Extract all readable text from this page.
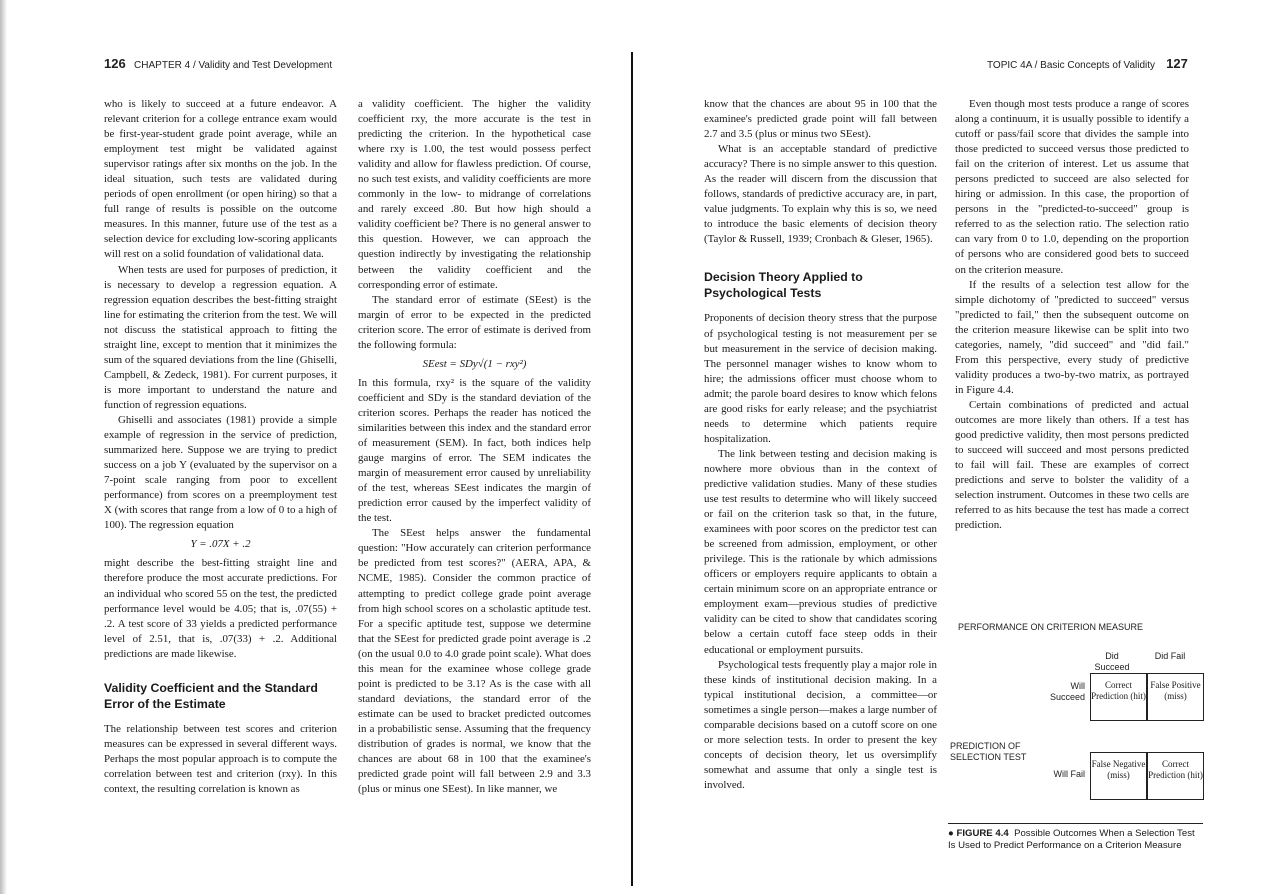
126 CHAPTER 4 / Validity and Test Development	TOPIC 4A / Basic Concepts of Validity 127

who is likely to succeed at a future endeavor. A relevant criterion for a college entrance exam would be first-year-student grade point average, while an employment test might be validated against supervisor ratings after six months on the job. In the ideal situation, such tests are validated during periods of open enrollment (or open hiring) so that a full range of results is possible on the outcome measures. In this manner, future use of the test as a selection device for excluding low-scoring applicants will rest on a solid foundation of validational data.

When tests are used for purposes of prediction, it is necessary to develop a regression equation. A regression equation describes the best-fitting straight line for estimating the criterion from the test. We will not discuss the statistical approach to fitting the straight line, except to mention that it minimizes the sum of the squared deviations from the line (Ghiselli, Campbell, & Zedeck, 1981). For current purposes, it is more important to understand the nature and function of regression equations.

Ghiselli and associates (1981) provide a simple example of regression in the service of prediction, summarized here. Suppose we are trying to predict success on a job Y (evaluated by the supervisor on a 7-point scale ranging from poor to excellent performance) from scores on a preemployment test X (with scores that range from a low of 0 to a high of 100). The regression equation

Y = .07X + .2

might describe the best-fitting straight line and therefore produce the most accurate predictions. For an individual who scored 55 on the test, the predicted performance level would be 4.05; that is, .07(55) + .2. A test score of 33 yields a predicted performance level of 2.51, that is, .07(33) + .2. Additional predictions are made likewise.

Validity Coefficient and the Standard Error of the Estimate

The relationship between test scores and criterion measures can be expressed in several different ways. Perhaps the most popular approach is to compute the correlation between test and criterion (rxy). In this context, the resulting correlation is known as

a validity coefficient. The higher the validity coefficient rxy, the more accurate is the test in predicting the criterion. In the hypothetical case where rxy is 1.00, the test would possess perfect validity and allow for flawless prediction. Of course, no such test exists, and validity coefficients are more commonly in the low- to midrange of correlations and rarely exceed .80. But how high should a validity coefficient be? There is no general answer to this question. However, we can approach the question indirectly by investigating the relationship between the validity coefficient and the corresponding error of estimate.

The standard error of estimate (SEest) is the margin of error to be expected in the predicted criterion score. The error of estimate is derived from the following formula:

SEest = SDy√(1 − rxy²)

In this formula, rxy² is the square of the validity coefficient and SDy is the standard deviation of the criterion scores. Perhaps the reader has noticed the similarities between this index and the standard error of measurement (SEM). In fact, both indices help gauge margins of error. The SEM indicates the margin of measurement error caused by unreliability of the test, whereas SEest indicates the margin of prediction error caused by the imperfect validity of the test.

The SEest helps answer the fundamental question: "How accurately can criterion performance be predicted from test scores?" (AERA, APA, & NCME, 1985). Consider the common practice of attempting to predict college grade point average from high school scores on a scholastic aptitude test. For a specific aptitude test, suppose we determine that the SEest for predicted grade point average is .2 (on the usual 0.0 to 4.0 grade point scale). What does this mean for the examinee whose college grade point is predicted to be 3.1? As is the case with all standard deviations, the standard error of the estimate can be used to bracket predicted outcomes in a probabilistic sense. Assuming that the frequency distribution of grades is normal, we know that the chances are about 68 in 100 that the examinee's predicted grade point will fall between 2.9 and 3.3 (plus or minus one SEest). In like manner, we

know that the chances are about 95 in 100 that the examinee's predicted grade point will fall between 2.7 and 3.5 (plus or minus two SEest).

What is an acceptable standard of predictive accuracy? There is no simple answer to this question. As the reader will discern from the discussion that follows, standards of predictive accuracy are, in part, value judgments. To explain why this is so, we need to introduce the basic elements of decision theory (Taylor & Russell, 1939; Cronbach & Gleser, 1965).

Decision Theory Applied to Psychological Tests

Proponents of decision theory stress that the purpose of psychological testing is not measurement per se but measurement in the service of decision making. The personnel manager wishes to know whom to hire; the admissions officer must choose whom to admit; the parole board desires to know which felons are good risks for early release; and the psychiatrist needs to determine which patients require hospitalization.

The link between testing and decision making is nowhere more obvious than in the context of predictive validation studies. Many of these studies use test results to determine who will likely succeed or fail on the criterion task so that, in the future, examinees with poor scores on the predictor test can be screened from admission, employment, or other privilege. This is the rationale by which admissions officers or employers require applicants to obtain a certain minimum score on an appropriate entrance or employment exam—previous studies of predictive validity can be cited to show that candidates scoring below a certain cutoff face steep odds in their educational or employment pursuits.

Psychological tests frequently play a major role in these kinds of institutional decision making. In a typical institutional decision, a committee—or sometimes a single person—makes a large number of comparable decisions based on a cutoff score on one or more selection tests. In order to present the key concepts of decision theory, let us oversimplify somewhat and assume that only a single test is involved.

Even though most tests produce a range of scores along a continuum, it is usually possible to identify a cutoff or pass/fail score that divides the sample into those predicted to succeed versus those predicted to fail on the criterion of interest. Let us assume that persons predicted to succeed are also selected for hiring or admission. In this case, the proportion of persons in the "predicted-to-succeed" group is referred to as the selection ratio. The selection ratio can vary from 0 to 1.0, depending on the proportion of persons who are considered good bets to succeed on the criterion measure.

If the results of a selection test allow for the simple dichotomy of "predicted to succeed" versus "predicted to fail," then the subsequent outcome on the criterion measure likewise can be split into two categories, namely, "did succeed" and "did fail." From this perspective, every study of predictive validity produces a two-by-two matrix, as portrayed in Figure 4.4.

Certain combinations of predicted and actual outcomes are more likely than others. If a test has good predictive validity, then most persons predicted to succeed will succeed and most persons predicted to fail will fail. These are examples of correct predictions and serve to bolster the validity of a selection instrument. Outcomes in these two cells are referred to as hits because the test has made a correct prediction.

PERFORMANCE ON CRITERION MEASURE
Did Succeed
Did Fail
Will Succeed
PREDICTION OF SELECTION TEST
Will Fail
Correct Prediction (hit)
False Positive (miss)
False Negative (miss)
Correct Prediction (hit)
● FIGURE 4.4 Possible Outcomes When a Selection Test Is Used to Predict Performance on a Criterion Measure
